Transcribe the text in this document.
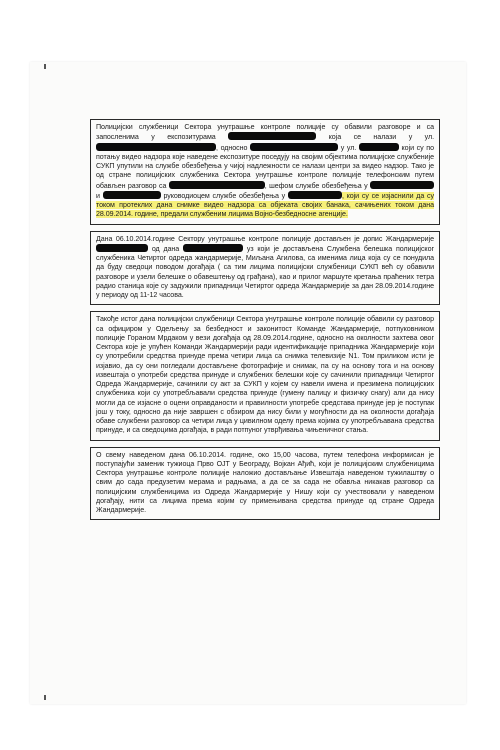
Полицијски службеници Сектора унутрашње контроле полиције су обавили разговоре и са запосленима у експозитурама	која се налази у ул. , односно	у ул.	који су по потању видео надзора које наведене експозитуре поседују на својим објектима полицијске службеније СУКП упутили на службе обезбеђења у чијој надлежности се налази центри за видео надзор. Тако је од стране полицијских службеника Сектора унутрашње контроле полиције телефонским путем обављен разговор са	, шефом службе обезбеђења у  и	руководиоцем службе обезбеђења у	, који су се изјаснили да су током протеклих дана снимке видео надзора са објеката својих банака, сачињених током дана 28.09.2014. године, предали службеним лицима Војно-безбедносне агенције.

Дана 06.10.2014.године Сектору унутрашње контроле полиције достављен је допис Жандармерије  од дана	уз који је достављена Службена белешка полицијског службеника Четиртог одреда жандармерије, Миљана Агилова, са именима лица која су се понудила да буду сведоци поводом догађаја ( са тим лицима полицијски службеници СУКП већ су обавили разговоре и узели белешке о обавештењу од грађана), као и прилог маршуте кретања праћених тетра радио станица које су задужили припадници Четиртог одреда Жандармерије за дан 28.09.2014.године у периоду од 11-12 часова.

Такође истог дана полицијски службеници Сектора унутрашње контроле полиције обавили су разговор са официром у Одељењу за безбедност и законитост Команде Жандармерије, потпуковником полиције Гораном Мрдаком у вези догађаја од 28.09.2014.године, односно на околности захтева овог Сектора које је упућен Команди Жандармерији ради идентификације припадника Жандармерије који су употребили средства принуде према четири лица са снимка телевизије N1. Том приликом исти је изјавио, да су они погледали достављене фотографије и снимак, па су на основу тога и на основу извештаја о употреби средства принуде и службених белешки које су сачинили припадници Четиртог Одреда Жандармерије, сачинили су акт за СУКП у којем су навели имена и презимена полицијских службеника који су употребљавали средства принуде (гумену палицу и физичку снагу) али да нису могли да се изјасне о оцени оправданости и правилности употребе средстава принуде јер је поступак још у току, односно да није завршен с обзиром да нису били у могућности да на околности догађаја обаве службени разговор са четири лица у цивилном оделу према којима су употребљавана средства принуде, и са сведоцима догађаја, в ради потпуног утврђивања чињеничног стања.

О свему наведеном дана 06.10.2014. године, око 15,00 часова, путем телефона информисан је поступајући заменик тужиоца Прво ОЈТ у Београду, Војкан Ађић, који је полицијским службеницима Сектора унутрашње контроле полиције наложио достављање Извештаја наведеном тужилаштву о свим до сада предузетим мерама и радњама, а да се за сада не обавља никакав разговор са полицијским службеницима из Одреда Жандармерије у Нишу који су учествовали у наведеном догађају, нити са лицима према којим су примењивана средства принуде од стране Одреда Жандармерије.
